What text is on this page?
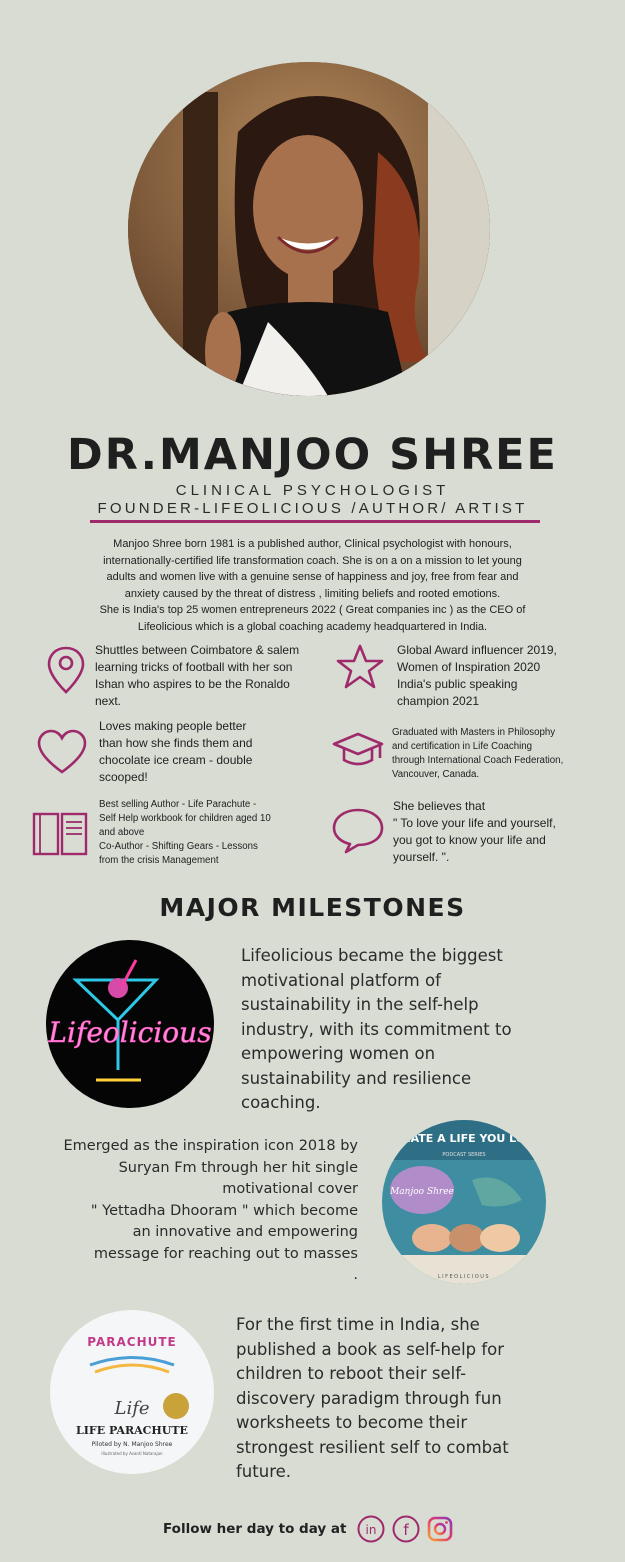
DR.MANJOO SHREE
CLINICAL PSYCHOLOGIST
FOUNDER-LIFEOLICIOUS /AUTHOR/ ARTIST
Manjoo Shree born 1981 is a published author, Clinical psychologist with honours,
internationally-certified life transformation coach. She is on a on a mission to let young
adults and women live with a genuine sense of happiness and joy, free from fear and
anxiety caused by the threat of distress , limiting beliefs and rooted emotions.
She is India's top 25 women entrepreneurs 2022 ( Great companies inc ) as the CEO of
Lifeolicious which is a global coaching academy headquartered in India.
Shuttles between Coimbatore & salem
learning tricks of football with her son
Ishan who aspires to be the Ronaldo
next.
Global Award influencer 2019,
Women of Inspiration 2020
India's public speaking
champion 2021
Loves making people better
than how she finds them and
chocolate ice cream - double
scooped!
Graduated with Masters in Philosophy
and certification in Life Coaching
through International Coach Federation,
Vancouver, Canada.
Best selling Author - Life Parachute -
Self Help workbook for children aged 10
and above
Co-Author - Shifting Gears - Lessons
from the crisis Management
She believes that
" To love your life and yourself,
you got to know your life and
yourself. ".
MAJOR MILESTONES
Lifeolicious
Lifeolicious became the biggest
motivational platform of
sustainability in the self-help
industry, with its commitment to
empowering women on
sustainability and resilience
coaching.
Emerged as the inspiration icon 2018 by
Suryan Fm through her hit single
motivational cover
" Yettadha Dhooram " which become
an innovative and empowering
message for reaching out to masses
.
REATE A LIFE YOU LOV
PODCAST SERIES
Manjoo Shree
LIFEOLICIOUS
PARACHUTE
Life
LIFE PARACHUTE
Piloted by N. Manjoo Shree
Illustrated by Avanti Natarajan
For the first time in India, she
published a book as self-help for
children to reboot their self-
discovery paradigm through fun
worksheets to become their
strongest resilient self to combat
future.
Follow her day to day at in f
